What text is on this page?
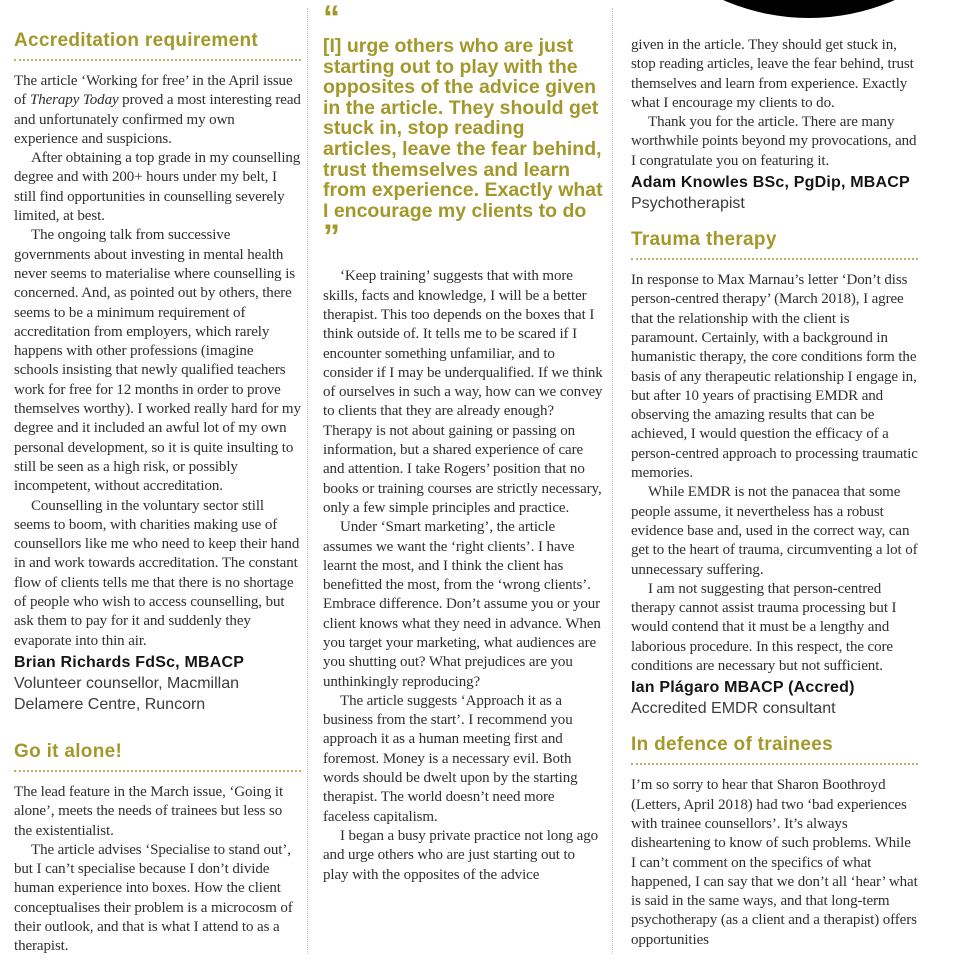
Accreditation requirement

The article ‘Working for free’ in the April issue of Therapy Today proved a most interesting read and unfortunately confirmed my own experience and suspicions.

After obtaining a top grade in my counselling degree and with 200+ hours under my belt, I still find opportunities in counselling severely limited, at best.

The ongoing talk from successive governments about investing in mental health never seems to materialise where counselling is concerned. And, as pointed out by others, there seems to be a minimum requirement of accreditation from employers, which rarely happens with other professions (imagine schools insisting that newly qualified teachers work for free for 12 months in order to prove themselves worthy). I worked really hard for my degree and it included an awful lot of my own personal development, so it is quite insulting to still be seen as a high risk, or possibly incompetent, without accreditation.

Counselling in the voluntary sector still seems to boom, with charities making use of counsellors like me who need to keep their hand in and work towards accreditation. The constant flow of clients tells me that there is no shortage of people who wish to access counselling, but ask them to pay for it and suddenly they evaporate into thin air.

Brian Richards FdSc, MBACP
Volunteer counsellor, Macmillan Delamere Centre, Runcorn
Go it alone!

The lead feature in the March issue, ‘Going it alone’, meets the needs of trainees but less so the existentialist.

The article advises ‘Specialise to stand out’, but I can’t specialise because I don’t divide human experience into boxes. How the client conceptualises their problem is a microcosm of their outlook, and that is what I attend to as a therapist.

“
[I] urge others who are just starting out to play with the opposites of the advice given in the article. They should get stuck in, stop reading articles, leave the fear behind, trust themselves and learn from experience. Exactly what I encourage my clients to do
”

‘Keep training’ suggests that with more skills, facts and knowledge, I will be a better therapist. This too depends on the boxes that I think outside of. It tells me to be scared if I encounter something unfamiliar, and to consider if I may be underqualified. If we think of ourselves in such a way, how can we convey to clients that they are already enough? Therapy is not about gaining or passing on information, but a shared experience of care and attention. I take Rogers’ position that no books or training courses are strictly necessary, only a few simple principles and practice.

Under ‘Smart marketing’, the article assumes we want the ‘right clients’. I have learnt the most, and I think the client has benefitted the most, from the ‘wrong clients’. Embrace difference. Don’t assume you or your client knows what they need in advance. When you target your marketing, what audiences are you shutting out? What prejudices are you unthinkingly reproducing?

The article suggests ‘Approach it as a business from the start’. I recommend you approach it as a human meeting first and foremost. Money is a necessary evil. Both words should be dwelt upon by the starting therapist. The world doesn’t need more faceless capitalism.

I began a busy private practice not long ago and urge others who are just starting out to play with the opposites of the advice

given in the article. They should get stuck in, stop reading articles, leave the fear behind, trust themselves and learn from experience. Exactly what I encourage my clients to do.

Thank you for the article. There are many worthwhile points beyond my provocations, and I congratulate you on featuring it.

Adam Knowles BSc, PgDip, MBACP
Psychotherapist
Trauma therapy

In response to Max Marnau’s letter ‘Don’t diss person-centred therapy’ (March 2018), I agree that the relationship with the client is paramount. Certainly, with a background in humanistic therapy, the core conditions form the basis of any therapeutic relationship I engage in, but after 10 years of practising EMDR and observing the amazing results that can be achieved, I would question the efficacy of a person-centred approach to processing traumatic memories.

While EMDR is not the panacea that some people assume, it nevertheless has a robust evidence base and, used in the correct way, can get to the heart of trauma, circumventing a lot of unnecessary suffering.

I am not suggesting that person-centred therapy cannot assist trauma processing but I would contend that it must be a lengthy and laborious procedure. In this respect, the core conditions are necessary but not sufficient.

Ian Plágaro MBACP (Accred)
Accredited EMDR consultant
In defence of trainees

I’m so sorry to hear that Sharon Boothroyd (Letters, April 2018) had two ‘bad experiences with trainee counsellors’. It’s always disheartening to know of such problems. While I can’t comment on the specifics of what happened, I can say that we don’t all ‘hear’ what is said in the same ways, and that long-term psychotherapy (as a client and a therapist) offers opportunities
